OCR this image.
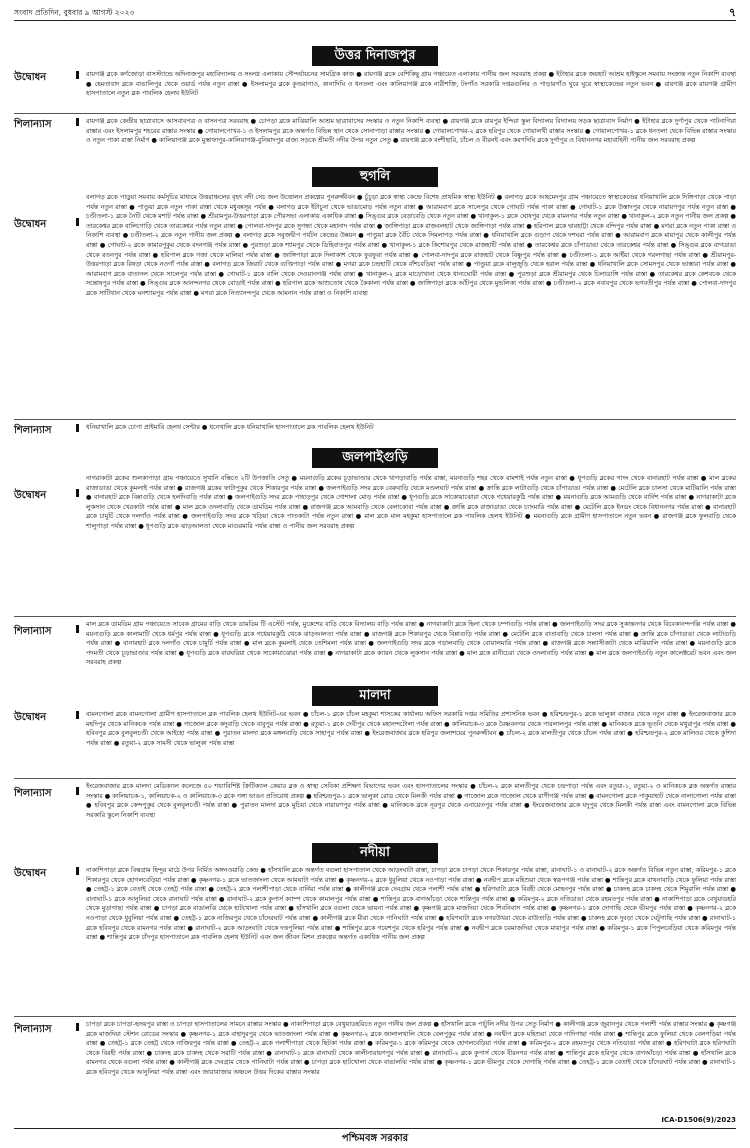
সংবাদ প্রতিদিন, বুধবার ৯ আগস্ট ২০২৩	৭
উত্তর দিনাজপুর
উদ্বোধন	রায়গঞ্জ ব্লকে কর্ণজোড়া বাসস্ট্যান্ডে অদিনাজপুর মহাবিদ্যালয় ও সংলগ্ন এলাকায় সৌন্দর্যায়নের সামগ্রিক কাজ ● রায়গঞ্জ ব্লকে বেশিকিছু গ্রাম পঞ্চায়েত এলাকায় পানীয় জল সরবরাহ প্রকল্প ● ইটাহার ব্লকে জয়হাট আশ্রম হাইস্কুলে সমবায় সংক্রান্ত নতুন নিকাশি ব্যবস্থা ● হেমতাবাদ ব্লকে বাঙালিপুর থেকে ওয়ার্ড পর্যন্ত নতুন রাস্তা ● ইসলামপুর ব্লকে কুণ্ডরাগাও, কানাদিঘি ও ধনতলা এবং কালিয়াগঞ্জ ব্লকে নারীশক্তি, টংগাঁও সরকারি দপ্তরগুলির ও পাড়ারগাঁও ঘুরে ঘুরে স্বাস্থ্যকেন্দ্রের নতুন ভবন ● রায়গঞ্জ ব্লকে রায়গঞ্জ গ্রামীণ হাসপাতালে নতুন ব্লক পাবলিক হেলথ ইউনিট
শিলান্যাস	রায়গঞ্জ ব্লকে কেন্দ্রীয় ছাত্রাবাসে আসবাবপত্র ও বাসনপত্র সরবরাহ ● চোপড়া ব্লকে মাঝিয়ালি আশ্রম ছাত্রাবাসের সংস্কার ও নতুন নিকাশি ব্যবস্থা ● রায়গঞ্জ ব্লকে রায়পুর ইন্দিরা স্কুল বিদ্যালয় বিদ্যালয় সড়ক ছাত্রাবাস নির্মাণ ● ইটাহার ব্লকে দুর্গাপুর থেকে পাটনাগিরা রাস্তার এবং ইসলামপুর শহরের রাস্তার সংস্কার ● গোয়ালপোখর-১ ও ইসলামপুর ব্লকে অন্তর্গত বিভিন্ন স্থান থেকে সোনাপাড়া রাস্তার সংস্কার ● গোয়ালপোখর-২ ব্লকে হরিপুর থেকে গোয়ালখী রাস্তার সংস্কার ● গোয়ালপোখর-১ ব্লকে ধনতলা থেকে বিভিন্ন রাস্তার সংস্কার ও নতুন পাকা রাস্তা নির্মাণ ● কালিয়াগঞ্জ ব্লকে মুস্তাফাপুর-কালিয়াগঞ্জ-বুনিয়াদপুর রাজ্য সড়কে শ্রীমতী নদীর উপর নতুন সেতু ● রায়গঞ্জ ব্লকে বংশীহারি, চাঁচল ও বীরনই এবং করণদিঘি ব্লকে দুর্গাপুর ও বিধাননগর মহাবাহিনী পানীয় জল সরবরাহ প্রকল্প
হুগলি
উদ্বোধন
বলাগড় ব্লকে পাড়ুয়া সমবায় কর্মসূচির মাধ্যমে উত্তরাঞ্চলের বৃহৎ নদী সেচ জল উত্তোলন প্রকল্পের পুনরুজ্জীবন ● চুঁচুড়া ব্লকে স্বাস্থ্য কেন্দ্রে বিশেষ প্রাথমিক স্বাস্থ্য ইউনিট ● বলাগড় ব্লকে আহমেদপুর গ্রাম পঞ্চায়েতে স্বাস্থ্যকেন্দ্রের ধনিয়াখালি ব্লকে দিঙ্গিপাড়া থেকে পাড়া পর্যন্ত নতুন রাস্তা ● পাণ্ডুয়া ব্লকে নতুন পাকা রাস্তা থেকে মধুবন্নসূর পর্যন্ত ● বলাগড় ব্লকে ইটাচুনা থেকে ভাঙামোড় পর্যন্ত নতুন রাস্তা ● আরামবাগ ব্লকে সালেপুর থেকে গোঘাট পর্যন্ত পাকা রাস্তা ● গোঘাট-১ ব্লকে উস্তাদপুর থেকে নারায়ণপুর পর্যন্ত নতুন রাস্তা ● চণ্ডীতলা-১ ব্লকে নৈটি থেকে মশাট পর্যন্ত রাস্তা ● শ্রীরামপুর-উত্তরপাড়া ব্লকে পৌরসভা এলাকায় একাধিক রাস্তা ● সিঙ্গুর ব্লকে বেড়াবেড়ি থেকে নতুন রাস্তা ● খানাকুল-১ ব্লকে ঘোষপুর থেকে রামনগর পর্যন্ত নতুন রাস্তা ● খানাকুল-২ ব্লকে নতুন পানীয় জল প্রকল্প ● তারকেশ্বর ব্লকে বালিগোড়ি থেকে তারকেশ্বর পর্যন্ত নতুন রাস্তা ● পোলবা-দাদপুর ব্লকে সুগন্ধা থেকে মহানাদ পর্যন্ত রাস্তা ● জাঙ্গিপাড়া ব্লকে রাজবলহাট থেকে জাঙ্গিপাড়া পর্যন্ত রাস্তা ● হরিপাল ব্লকে দ্বারহাট্টা থেকে বন্দিপুর পর্যন্ত রাস্তা ● মগরা ব্লকে নতুন পাকা রাস্তা ও নিকাশি ব্যবস্থা ● চণ্ডীতলা-২ ব্লকে নতুন পানীয় জল প্রকল্প ● বলাগড় ব্লকে সবুজদ্বীপ পর্যটন কেন্দ্রের উন্নয়ন ● পাণ্ডুয়া ব্লকে বৈঁচি থেকে সিমলাগড় পর্যন্ত রাস্তা ● ধনিয়াখালি ব্লকে গুড়াপ থেকে দশঘরা পর্যন্ত রাস্তা ● আরামবাগ ব্লকে মায়াপুর থেকে কালীপুর পর্যন্ত রাস্তা ● গোঘাট-২ ব্লকে কামারপুকুর থেকে বদনগঞ্জ পর্যন্ত রাস্তা ● পুরশুড়া ব্লকে শ্যামপুর থেকে ডিহিবাতপুর পর্যন্ত রাস্তা ● খানাকুল-১ ব্লকে কিশোরপুর থেকে রাজহাটি পর্যন্ত রাস্তা ● তারকেশ্বর ব্লকে চাঁপাডাঙা থেকে তারকেশ্বর পর্যন্ত রাস্তা ● সিঙ্গুর ব্লকে বাগডাঙা থেকে রতনপুর পর্যন্ত রাস্তা ● হরিপাল ব্লকে গজা থেকে মালিয়া পর্যন্ত রাস্তা ● জাঙ্গিপাড়া ব্লকে দিলাকাশ থেকে ফুরফুরা পর্যন্ত রাস্তা ● পোলবা-দাদপুর ব্লকে রাজহাট থেকে বিষ্ণুপুর পর্যন্ত রাস্তা ● চণ্ডীতলা-১ ব্লকে আইঁয়া থেকে গরলগাছা পর্যন্ত রাস্তা ● শ্রীরামপুর-উত্তরপাড়া ব্লকে রিষড়া থেকে নওগাঁ পর্যন্ত রাস্তা ● বলাগড় ব্লকে জিরাট থেকে গুপ্তিপাড়া পর্যন্ত রাস্তা ● মগরা ব্লকে চন্দ্রহাটি থেকে বাঁশবেড়িয়া পর্যন্ত রাস্তা ● পাণ্ডুয়া ব্লকে বালুজুড়ি থেকে হরাল পর্যন্ত রাস্তা ● ধনিয়াখালি ব্লকে সোমসপুর থেকে ভাস্তারা পর্যন্ত রাস্তা ● আরামবাগ ব্লকে বাতানল থেকে সালেপুর পর্যন্ত রাস্তা ● গোঘাট-১ ব্লকে বালি থেকে দেওয়ানগঞ্জ পর্যন্ত রাস্তা ● খানাকুল-২ ব্লকে মাড়োখানা থেকে ধান্যঘোরী পর্যন্ত রাস্তা ● পুরশুড়া ব্লকে শ্রীরামপুর থেকে চিলাডাঙ্গি পর্যন্ত রাস্তা ● তারকেশ্বর ব্লকে কেশবচক থেকে সন্তোষপুর পর্যন্ত রাস্তা ● সিঙ্গুর ব্লকে আনন্দনগর থেকে বোড়াই পর্যন্ত রাস্তা ● হরিপাল ব্লকে আশুতোষ থেকে কৈকালা পর্যন্ত রাস্তা ● জাঙ্গিপাড়া ব্লকে আঁটপুর থেকে মুন্ডলিকা পর্যন্ত রাস্তা ● চণ্ডীতলা-২ ব্লকে নবাবপুর থেকে ভগবতীপুর পর্যন্ত রাস্তা ● পোলবা-দাদপুর ব্লকে সাটিথান থেকে ঘনশ্যামপুর পর্যন্ত রাস্তা ● মগরা ব্লকে নিত্যানন্দপুর থেকে আমনান পর্যন্ত রাস্তা ও নিকাশি ব্যবস্থা
শিলান্যাস	ধনিয়াখালি ব্লকে চোপা প্রাইমারি হেলথ সেন্টার ● ধনেখালি ব্লকে ধনিয়াখালি হাসপাতালে ব্লক পাবলিক হেলথ ইউনিট
জলপাইগুড়ি
উদ্বোধন
নাগরাকাটা ব্লকের শুলকাপাড়া গ্রাম পঞ্চায়েতে সুখানি বস্তিতে ২টি উপজাতি সেতু ● ময়নাগুড়ি ব্লকের চূড়াভাণ্ডার থেকে খাগড়াবাড়ি পর্যন্ত রাস্তা, ময়নাগুড়ি শহর থেকে রামশাই পর্যন্ত নতুন রাস্তা ● ধূপগুড়ি ব্লকের গাদং থেকে বানারহাট পর্যন্ত রাস্তা ● মাল ব্লকের রাজাডাঙা থেকে কুমলাই পর্যন্ত রাস্তা ● রাজগঞ্জ ব্লকের ফাটাপুকুর থেকে শিকারপুর পর্যন্ত রাস্তা ● জলপাইগুড়ি সদর ব্লকে বেরুবাড়ি থেকে মণ্ডলঘাট পর্যন্ত রাস্তা ● ক্রান্তি ব্লকে লাটাগুড়ি থেকে চাঁপাডাঙা পর্যন্ত রাস্তা ● মেটেলি ব্লকে চালসা থেকে মাটিয়ালি পর্যন্ত রাস্তা ● বানারহাট ব্লকে বিন্নাগুড়ি থেকে হলদিবাড়ি পর্যন্ত রাস্তা ● জলপাইগুড়ি সদর ব্লকে পাহাড়পুর থেকে গোশালা মোড় পর্যন্ত রাস্তা ● ধূপগুড়ি ব্লকে সাকোয়াঝোরা থেকে গধেয়ারকুঠি পর্যন্ত রাস্তা ● ময়নাগুড়ি ব্লকে আমগুড়ি থেকে বার্নিশ পর্যন্ত রাস্তা ● নাগরাকাটা ব্লকে লুকসান থেকে খেরকাটা পর্যন্ত রাস্তা ● মাল ব্লকে ওদলাবাড়ি থেকে ডামডিম পর্যন্ত রাস্তা ● রাজগঞ্জ ব্লকে আমবাড়ি থেকে বেলাকোবা পর্যন্ত রাস্তা ● ক্রান্তি ব্লকে রাজাডাঙা থেকে চ্যাংমারি পর্যন্ত রাস্তা ● মেটেলি ব্লকে ইনডং থেকে বিধাননগর পর্যন্ত রাস্তা ● বানারহাট ব্লকে চামুর্চি থেকে দলগাঁও পর্যন্ত রাস্তা ● জলপাইগুড়ি সদর ব্লকে খড়িয়া থেকে পাতকাটা পর্যন্ত নতুন রাস্তা ● মাল ব্লকে মাল মহকুমা হাসপাতালে ব্লক পাবলিক হেলথ ইউনিট ● ময়নাগুড়ি ব্লকে গ্রামীণ হাসপাতালে নতুন ভবন ● রাজগঞ্জ ব্লকে ফুলবাড়ি থেকে শালুগাড়া পর্যন্ত রাস্তা ● ধূপগুড়ি ব্লকে ঝাড়আলতা থেকে মাগুরমারি পর্যন্ত রাস্তা ও পানীয় জল সরবরাহ প্রকল্প
শিলান্যাস
মাল ব্লকে ডামডিম গ্রাম পঞ্চায়েতে সাবেক গ্রামের বাড়ি থেকে ডামডিম টি এস্টেট পর্যন্ত, মুকেশের বাড়ি থেকে বিদ্যালয় বাড়ি পর্যন্ত রাস্তা ● নাগরাকাটা ব্লকে হিলা থেকে চম্পাগুড়ি পর্যন্ত রাস্তা ● জলপাইগুড়ি সদর ব্লকে সুকান্তনগর থেকে বিবেকানন্দপল্লি পর্যন্ত রাস্তা ● ময়নাগুড়ি ব্লকে কালামাটি থেকে ধর্মপুর পর্যন্ত রাস্তা ● ধূপগুড়ি ব্লকে গধেয়ারকুঠি থেকে ঝাড়আলতা পর্যন্ত রাস্তা ● রাজগঞ্জ ব্লকে শিকারপুর থেকে বিন্নাগুড়ি পর্যন্ত রাস্তা ● মেটেলি ব্লকে বাতাবাড়ি থেকে চালসা পর্যন্ত রাস্তা ● ক্রান্তি ব্লকে চাঁপাডাঙা থেকে লাটাগুড়ি পর্যন্ত রাস্তা ● বানারহাট ব্লকে দলগাঁও থেকে চামুর্চি পর্যন্ত রাস্তা ● মাল ব্লকে কুমলাই থেকে তেশিমলা পর্যন্ত রাস্তা ● জলপাইগুড়ি সদর ব্লকে গড়ালবাড়ি থেকে বোয়ালমারি পর্যন্ত রাস্তা ● রাজগঞ্জ ব্লকে সন্ন্যাসীকাটা থেকে মাঝিয়ালি পর্যন্ত রাস্তা ● ময়নাগুড়ি ব্লকে পদমতী থেকে চূড়াভাণ্ডার পর্যন্ত রাস্তা ● ধূপগুড়ি ব্লকে বারঘরিয়া থেকে সাকোয়াঝোরা পর্যন্ত রাস্তা ● নাগরাকাটা ব্লকে ক্যারন থেকে লুকসান পর্যন্ত রাস্তা ● মাল ব্লকে রানীচেরা থেকে ওদলাবাড়ি পর্যন্ত রাস্তা ● মাল ব্লকে জলপাইগুড়ি নতুন কালেক্টরেট ভবন এবং জল সরবরাহ প্রকল্প
মালদা
উদ্বোধন	বামনগোলা ব্লকে বামনগোলা গ্রামীণ হাসপাতালে ব্লক পাবলিক হেলথ ইউনিট-এর ভবন ● চাঁচল-১ ব্লকে চাঁচল মহকুমা শাসকের কার্যালয় অফিস সরকারি দপ্তর সমিতির প্রশাসনিক ভবন ● হরিশ্চন্দ্রপুর-১ ব্লকে ভালুকা বাজার থেকে নতুন রাস্তা ● ইংরেজবাজার ব্লকে মহদিপুর থেকে মানিকচক পর্যন্ত রাস্তা ● গাজোল ব্লকে কদুবাড়ি থেকে বাবুপুর পর্যন্ত রাস্তা ● রতুয়া-১ ব্লকে দেবীপুর থেকে মহানন্দটোলা পর্যন্ত রাস্তা ● কালিয়াচক-৩ ব্লকে বৈষ্ণবনগর থেকে পারলালপুর পর্যন্ত রাস্তা ● মানিকচক ব্লকে ভূতনি থেকে মথুরাপুর পর্যন্ত রাস্তা ● হবিবপুর ব্লকে বুলবুলচণ্ডী থেকে আইহো পর্যন্ত রাস্তা ● পুরাতন মালদা ব্লকে মঙ্গলবাড়ি থেকে সাহাপুর পর্যন্ত রাস্তা ● ইংরেজবাজার ব্লকে হরিপুর জলাশয়ের পুনরুজ্জীবন ● চাঁচল-২ ব্লকে মালতীপুর থেকে চাঁচল পর্যন্ত রাস্তা ● হরিশ্চন্দ্রপুর-২ ব্লকে মালিওর থেকে কুশিদা পর্যন্ত রাস্তা ● রতুয়া-২ ব্লকে সামসী থেকে ভালুকা পর্যন্ত রাস্তা
শিলান্যাস
ইংরেজবাজার ব্লকে মালদা মেডিক্যাল কলেজে ৫০ শয্যাবিশিষ্ট ক্রিটিক্যাল কেয়ার ব্লক ও স্বাস্থ্য সেবিকা প্রশিক্ষণ বিভাগের ভবন এবং হাসপাতালের সংস্কার ● চাঁচল-২ ব্লকে মালতীপুর থেকে চন্দ্রপাড়া পর্যন্ত এবং রতুয়া-১, রতুয়া-২ ও মানিকচক ব্লক অন্তর্গত রাস্তার সংস্কার ● কালিয়াচক-১, কালিয়াচক-২ ও কালিয়াচক-৩ ব্লকে গঙ্গা ভাঙন প্রতিরোধ প্রকল্প ● হরিশ্চন্দ্রপুর-১ ব্লকে ভালুকা রোড থেকে মিলকী পর্যন্ত রাস্তা ● গাজোল ব্লকে গাজোল থেকে রাণীগঞ্জ পর্যন্ত রাস্তা ● বামনগোলা ব্লকে পাকুয়াহাট থেকে নালাগোলা পর্যন্ত রাস্তা ● হবিবপুর ব্লকে কেন্দপুকুর থেকে বুলবুলচণ্ডী পর্যন্ত রাস্তা ● পুরাতন মালদা ব্লকে মুচিয়া থেকে নারায়ণপুর পর্যন্ত রাস্তা ● মানিকচক ব্লকে নূরপুর থেকে এনায়েতপুর পর্যন্ত রাস্তা ● ইংরেজবাজার ব্লকে যদুপুর থেকে মিলকী পর্যন্ত রাস্তা এবং বামনগোলা ব্লকে বিভিন্ন সরকারি স্কুলে নিকাশি ব্যবস্থা
নদীয়া
উদ্বোধন	নাকাশিপাড়া ব্লকে বিল্বগ্রাম হিন্দুর মাঠে উপর নির্মিত অঙ্গনওয়াড়ি কেন্দ্র ● হাঁসখালি ব্লকে অন্তর্গত বগুলা হাসপাতাল থেকে আড়ংঘাটা রাস্তা, চাপড়া ব্লকে চাপড়া থেকে শিকারপুর পর্যন্ত রাস্তা, রানাঘাট-১ ও রানাঘাট-২ ব্লকে অন্তর্গত বিভিন্ন নতুন রাস্তা, করিমপুর-১ ব্লকে শিকারপুর থেকে হোগলবেড়িয়া পর্যন্ত রাস্তা ● কৃষ্ণনগর-১ ব্লকে ভাতজাংলা থেকে আমঘাটা পর্যন্ত রাস্তা ● কৃষ্ণনগর-২ ব্লকে ধুবুলিয়া থেকে নওপাড়া পর্যন্ত রাস্তা ● নবদ্বীপ ব্লকে মহিশুরা থেকে স্বরূপগঞ্জ পর্যন্ত রাস্তা ● শান্তিপুর ব্লকে বাথনাবাড়ি থেকে ফুলিয়া পর্যন্ত রাস্তা ● তেহট্ট-১ ব্লকে বেতাই থেকে তেহট্ট পর্যন্ত রাস্তা ● তেহট্ট-২ ব্লকে পলাশীপাড়া থেকে বার্নিয়া পর্যন্ত রাস্তা ● কালীগঞ্জ ব্লকে দেবগ্রাম থেকে পলাশী পর্যন্ত রাস্তা ● হরিণঘাটা ব্লকে বিরহী থেকে মোহনপুর পর্যন্ত রাস্তা ● চাকদহ ব্লকে চাকদহ থেকে শিমুরালি পর্যন্ত রাস্তা ● রানাঘাট-১ ব্লকে আনুলিয়া থেকে রানাঘাট পর্যন্ত রাস্তা ● রানাঘাট-২ ব্লকে কুপার্স ক্যাম্প থেকে কামালপুর পর্যন্ত রাস্তা ● শান্তিপুর ব্লকে বাগআঁচড়া থেকে শান্তিপুর পর্যন্ত রাস্তা ● করিমপুর-২ ব্লকে নতিডাঙা থেকে রহমতপুর পর্যন্ত রাস্তা ● নাকাশিপাড়া ব্লকে বেথুয়াডহরি থেকে মুড়াগাছা পর্যন্ত রাস্তা ● চাপড়া ব্লকে বাঙালঝি থেকে হাটখোলা পর্যন্ত রাস্তা ● হাঁসখালি ব্লকে বগুলা থেকে ভায়না পর্যন্ত রাস্তা ● কৃষ্ণগঞ্জ ব্লকে মাজদিয়া থেকে শিবনিবাস পর্যন্ত রাস্তা ● কৃষ্ণনগর-১ ব্লকে দোগাছি থেকে ভীমপুর পর্যন্ত রাস্তা ● কৃষ্ণনগর-২ ব্লকে নওপাড়া থেকে ধুবুলিয়া পর্যন্ত রাস্তা ● তেহট্ট-১ ব্লকে নাজিরপুর থেকে চাঁদেরঘাট পর্যন্ত রাস্তা ● কালীগঞ্জ ব্লকে মীরা থেকে পানিঘাটা পর্যন্ত রাস্তা ● হরিণঘাটা ব্লকে নগরউখরা থেকে রাউতাড়ি পর্যন্ত রাস্তা ● চাকদহ ব্লকে দুবড়া থেকে ঘেটুগাছি পর্যন্ত রাস্তা ● রানাঘাট-১ ব্লকে হবিবপুর থেকে রামনগর পর্যন্ত রাস্তা ● রানাঘাট-২ ব্লকে আড়ংঘাটা থেকে দত্তপুলিয়া পর্যন্ত রাস্তা ● শান্তিপুর ব্লকে গয়েশপুর থেকে হরিপুর পর্যন্ত রাস্তা ● নবদ্বীপ ব্লকে চরমাজদিয়া থেকে মায়াপুর পর্যন্ত রাস্তা ● করিমপুর-১ ব্লকে পিপুলবেড়িয়া থেকে করিমপুর পর্যন্ত রাস্তা ● শান্তিপুর ব্লকে চাঁদপুর হাসপাতালে ব্লক পাবলিক হেলথ ইউনিট এবং জল জীবন মিশন প্রকল্পের অন্তর্গত একাধিক পানীয় জল প্রকল্প
শিলান্যাস	চাপড়া ব্লকে চাপড়া-হৃদয়পুর রাস্তা ও চাপড়া হাসপাতালের সামনে রাস্তার সংস্কার ● নাকাশিপাড়া ব্লকে বেথুয়াডহরিতে নতুন পানীয় জল প্রকল্প ● হাঁসখালি ব্লকে পাটুলি নদীর উপর সেতু নির্মাণ ● কালীগঞ্জ ব্লকে জুরানপুর থেকে পলাশী পর্যন্ত রাস্তার সংস্কার ● কৃষ্ণগঞ্জ ব্লকে মাজদিয়া স্টেশন রোডের সংস্কার ● কৃষ্ণনগর-১ ব্লকে বাহাদুরপুর থেকে ভাতজাংলা পর্যন্ত রাস্তা ● কৃষ্ণনগর-২ ব্লকে জালালখালি থেকে বেলপুকুর পর্যন্ত রাস্তা ● নবদ্বীপ ব্লকে মহিশুরা থেকে গাদিগাছা পর্যন্ত রাস্তা ● শান্তিপুর ব্লকে ফুলিয়া থেকে বেলগড়িয়া পর্যন্ত রাস্তা ● তেহট্ট-১ ব্লকে তেহট্ট থেকে নাজিরপুর পর্যন্ত রাস্তা ● তেহট্ট-২ ব্লকে পলাশীপাড়া থেকে ছিটকা পর্যন্ত রাস্তা ● করিমপুর-১ ব্লকে করিমপুর থেকে হোগলবেড়িয়া পর্যন্ত রাস্তা ● করিমপুর-২ ব্লকে রহমতপুর থেকে নতিডাঙা পর্যন্ত রাস্তা ● হরিণঘাটা ব্লকে হরিণঘাটা থেকে বিরহী পর্যন্ত রাস্তা ● চাকদহ ব্লকে চাকদহ থেকে সরাটি পর্যন্ত রাস্তা ● রানাঘাট-১ ব্লকে রানাঘাট থেকে কালীনারায়ণপুর পর্যন্ত রাস্তা ● রানাঘাট-২ ব্লকে কুপার্স থেকে বীরনগর পর্যন্ত রাস্তা ● শান্তিপুর ব্লকে হরিপুর থেকে বাগআঁচড়া পর্যন্ত রাস্তা ● হাঁসখালি ব্লকে রামনগর থেকে বগুলা পর্যন্ত রাস্তা ● কালীগঞ্জ ব্লকে দেবগ্রাম থেকে পানিঘাটা পর্যন্ত রাস্তা ● চাপড়া ব্লকে হাটখোলা থেকে বাঙালঝি পর্যন্ত রাস্তা ● কৃষ্ণনগর-১ ব্লকে ভীমপুর থেকে দোগাছি পর্যন্ত রাস্তা ● তেহট্ট-১ ব্লকে বেতাই থেকে চাঁদেরঘাট পর্যন্ত রাস্তা ● রানাঘাট-১ ব্লকে হবিবপুর থেকে আনুলিয়া পর্যন্ত রাস্তা এবং জারাবাজার অঞ্চলে উত্তর দিকের রাস্তার সংস্কার
ICA-D1506(9)/2023
পশ্চিমবঙ্গ সরকার
